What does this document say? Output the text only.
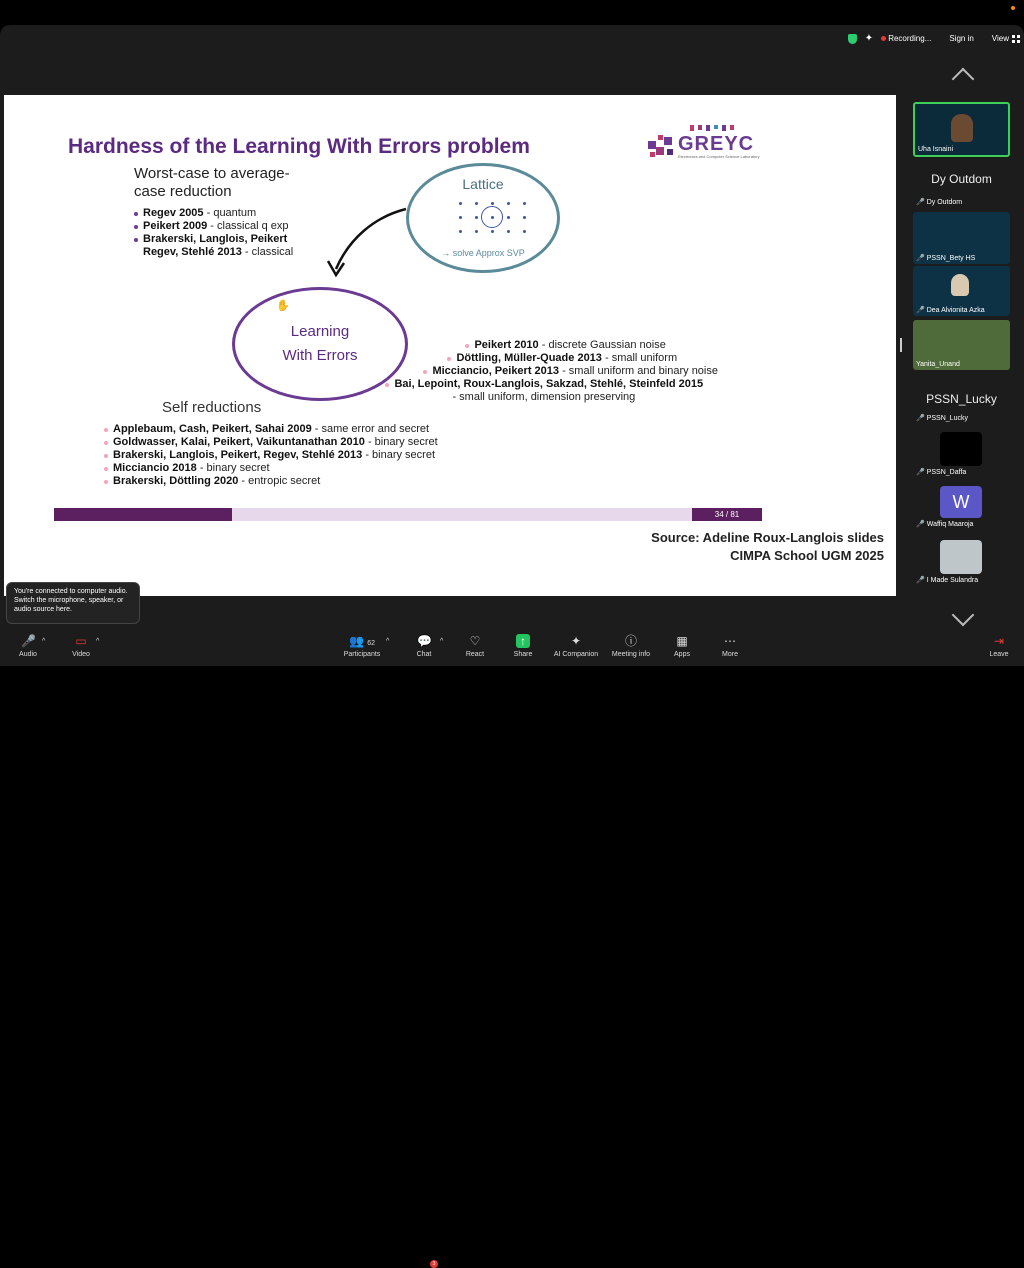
✦	Recording... Sign in View
Hardness of the Learning With Errors problem	GREYC
Electronics and Computer Science Laboratory
Worst-case to average-
case reduction
Regev 2005 - quantum
Peikert 2009 - classical q exp
Brakerski, Langlois, Peikert
Regev, Stehlé 2013 - classical
Lattice
→ solve Approx SVP
Learning
With Errors
✋
Peikert 2010 - discrete Gaussian noise
Döttling, Müller-Quade 2013 - small uniform
Micciancio, Peikert 2013 - small uniform and binary noise
Bai, Lepoint, Roux-Langlois, Sakzad, Stehlé, Steinfeld 2015
- small uniform, dimension preserving
Self reductions
Applebaum, Cash, Peikert, Sahai 2009 - same error and secret
Goldwasser, Kalai, Peikert, Vaikuntanathan 2010 - binary secret
Brakerski, Langlois, Peikert, Regev, Stehlé 2013 - binary secret
Micciancio 2018 - binary secret
Brakerski, Döttling 2020 - entropic secret
34 / 81
Source: Adeline Roux-Langlois slides
CIMPA School UGM 2025
Uha Isnaini
Dy Outdom
🎤 Dy Outdom
🎤 PSSN_Bety HS
🎤 Dea Alvionita Azka
Yanita_Unand
PSSN_Lucky
🎤 PSSN_Lucky
🎤 PSSN_Daffa
W
🎤 Waffiq Maaroja
🎤 I Made Sulandra
You're connected to computer audio. Switch the microphone, speaker, or audio source here.
🎤
Audio
^	▭
Video
^	👥 62
Participants
^ 💬
Chat
3
^ ♡
React
↑
Share
✦
AI Companion
ⓘ
Meeting info
▦
Apps
⋯
More
⇥
Leave
